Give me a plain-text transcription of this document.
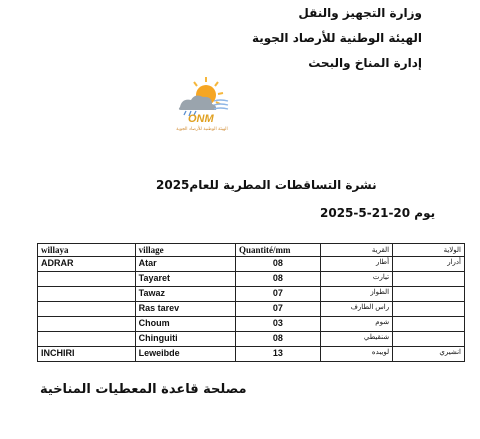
وزارة التجهيز والنقل
الهيئة الوطنية للأرصاد الجوية
إدارة المناخ والبحث
ONM
الهيئة الوطنية للأرصاد الجوية
نشرة التساقطات المطرية للعام2025
يوم 20-21-5-2025
willaya	village	Quantité/mm	القرية	الولاية
ADRAR	Atar	08	أطار	أدرار
	Tayaret	08	تيارت	
	Tawaz	07	الطواز	
	Ras tarev	07	راس الطارف	
	Choum	03	شوم	
	Chinguiti	08	شنقيطي	
INCHIRI	Leweibde	13	لويبده	انشيري
مصلحة قاعدة المعطيات المناخية
